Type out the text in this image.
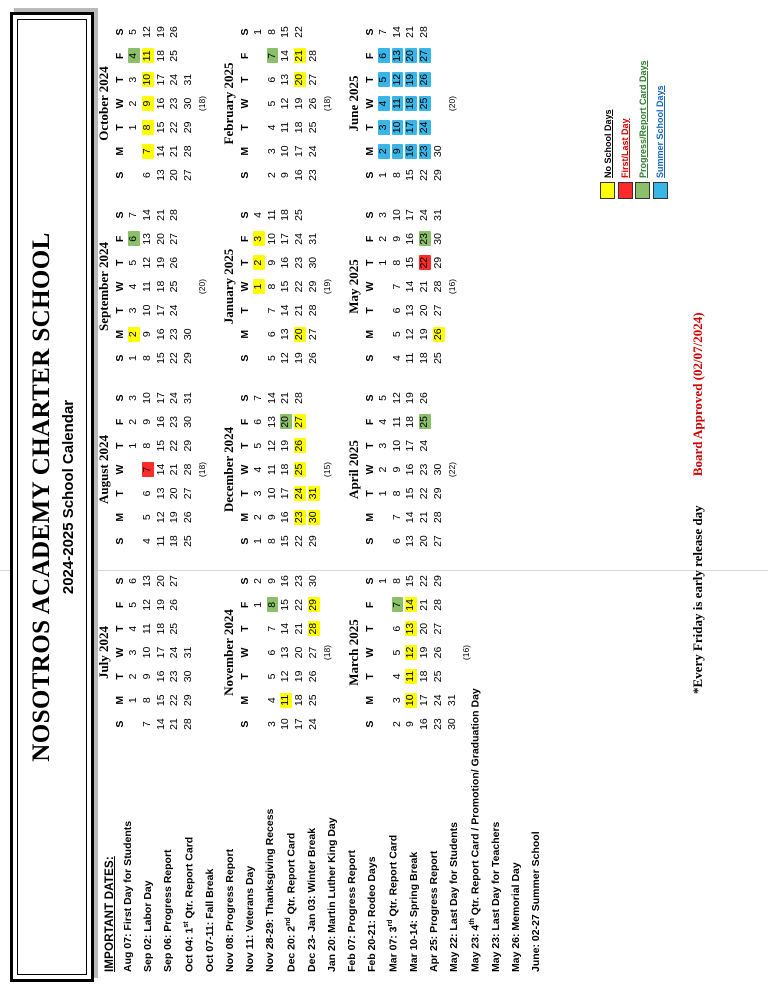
NOSOTROS ACADEMY CHARTER SCHOOL 2024-2025 School Calendar
IMPORTANT DATES: Aug 07: First Day for Students Sep 02: Labor Day Sep 06: Progress Report Oct 04: 1st Qtr. Report Card Oct 07-11: Fall Break Nov 08: Progress Report Nov 11: Veterans Day Nov 28-29: Thanksgiving Recess Dec 20: 2nd Qtr. Report Card Dec 23- Jan 03: Winter Break Jan 20: Martin Luther King Day Feb 07: Progress Report Feb 20-21: Rodeo Days Mar 07: 3rd Qtr. Report Card Mar 10-14: Spring Break Apr 25: Progress Report May 22: Last Day for Students May 23: 4th Qtr. Report Card / Promotion/ Graduation Day May 23: Last Day for Teachers May 26: Memorial Day June: 02-27 Summer School
July 2024
S	M	T	W	T	F	S
	1	2	3	4	5	6
7	8	9	10	11	12	13
14	15	16	17	18	19	20
21	22	23	24	25	26	27
28	29	30	31			
August 2024
S	M	T	W	T	F	S
				1	2	3
4	5	6	7	8	9	10
11	12	13	14	15	16	17
18	19	20	21	22	23	24
25	26	27	28	29	30	31
(18)
September 2024
S	M	T	W	T	F	S
1	2	3	4	5	6	7
8	9	10	11	12	13	14
15	16	17	18	19	20	21
22	23	24	25	26	27	28
29	30					
(20)
October 2024
S	M	T	W	T	F	S
		1	2	3	4	5
6	7	8	9	10	11	12
13	14	15	16	17	18	19
20	21	22	23	24	25	26
27	28	29	30	31		
(18)
November 2024
S	M	T	W	T	F	S
					1	2
3	4	5	6	7	8	9
10	11	12	13	14	15	16
17	18	19	20	21	22	23
24	25	26	27	28	29	30
(18)
December 2024
S	M	T	W	T	F	S
1	2	3	4	5	6	7
8	9	10	11	12	13	14
15	16	17	18	19	20	21
22	23	24	25	26	27	28
29	30	31				
(15)
January 2025
S	M	T	W	T	F	S
			1	2	3	4
5	6	7	8	9	10	11
12	13	14	15	16	17	18
19	20	21	22	23	24	25
26	27	28	29	30	31	
(19)
February 2025
S	M	T	W	T	F	S
						1
2	3	4	5	6	7	8
9	10	11	12	13	14	15
16	17	18	19	20	21	22
23	24	25	26	27	28	
(18)
March 2025
S	M	T	W	T	F	S
						1
2	3	4	5	6	7	8
9	10	11	12	13	14	15
16	17	18	19	20	21	22
23	24	25	26	27	28	29
30	31					
(16)
April 2025
S	M	T	W	T	F	S
		1	2	3	4	5
6	7	8	9	10	11	12
13	14	15	16	17	18	19
20	21	22	23	24	25	26
27	28	29	30			(22)
May 2025
S	M	T	W	T	F	S
				1	2	3
4	5	6	7	8	9	10
11	12	13	14	15	16	17
18	19	20	21	22	23	24
25	26	27	28	29	30	31
(16)
June 2025
S	M	T	W	T	F	S
1	2	3	4	5	6	7
8	9	10	11	12	13	14
15	16	17	18	19	20	21
22	23	24	25	26	27	28
29	30					
(20)
No School Days First/Last Day Progress/Report Card Days Summer School Days
*Every Friday is early release day Board Approved (02/07/2024)
